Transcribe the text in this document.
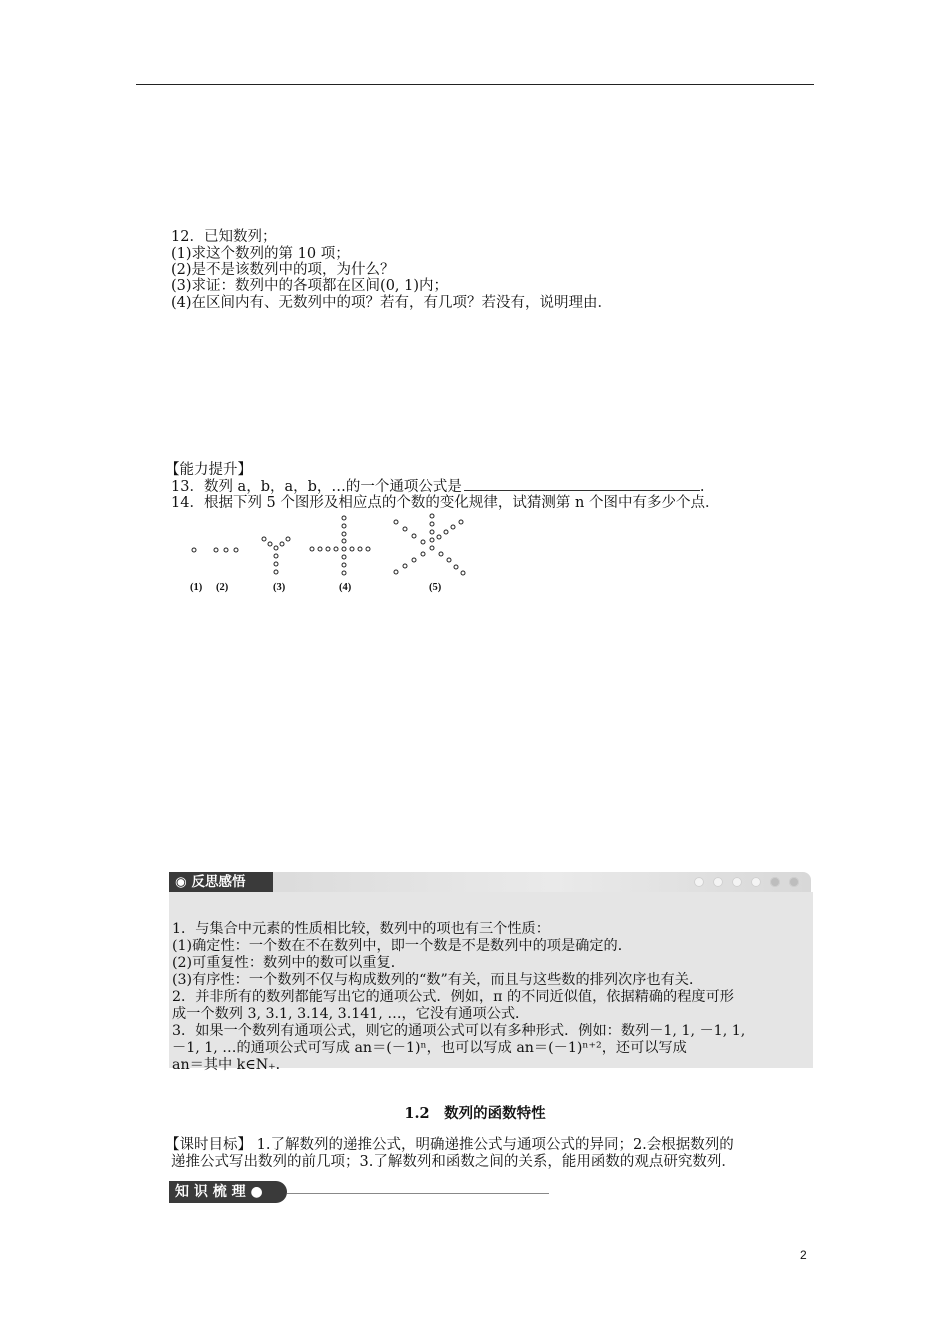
12．已知数列；
(1)求这个数列的第 10 项；
(2)是不是该数列中的项，为什么？
(3)求证：数列中的各项都在区间(0, 1)内；
(4)在区间内有、无数列中的项？若有，有几项？若没有，说明理由．
【能力提升】
13．数列 a，b，a，b，…的一个通项公式是	.
14．根据下列 5 个图形及相应点的个数的变化规律，试猜测第 n 个图中有多少个点．
(1) (2)	(3)	(4)	(5)
◉ 反思感悟
1．与集合中元素的性质相比较，数列中的项也有三个性质：
(1)确定性：一个数在不在数列中，即一个数是不是数列中的项是确定的．
(2)可重复性：数列中的数可以重复．
(3)有序性：一个数列不仅与构成数列的“数”有关，而且与这些数的排列次序也有关．
2．并非所有的数列都能写出它的通项公式．例如，π 的不同近似值，依据精确的程度可形
成一个数列 3, 3.1, 3.14, 3.141, …，它没有通项公式．
3．如果一个数列有通项公式，则它的通项公式可以有多种形式．例如：数列－1, 1, －1, 1,
－1, 1, …的通项公式可写成 an＝(－1)ⁿ，也可以写成 an＝(－1)ⁿ⁺²，还可以写成
an＝其中 k∈N₊．
1.2　数列的函数特性
【课时目标】 1.了解数列的递推公式，明确递推公式与通项公式的异同；2.会根据数列的
递推公式写出数列的前几项；3.了解数列和函数之间的关系，能用函数的观点研究数列．
知 识 梳 理 ●
2
